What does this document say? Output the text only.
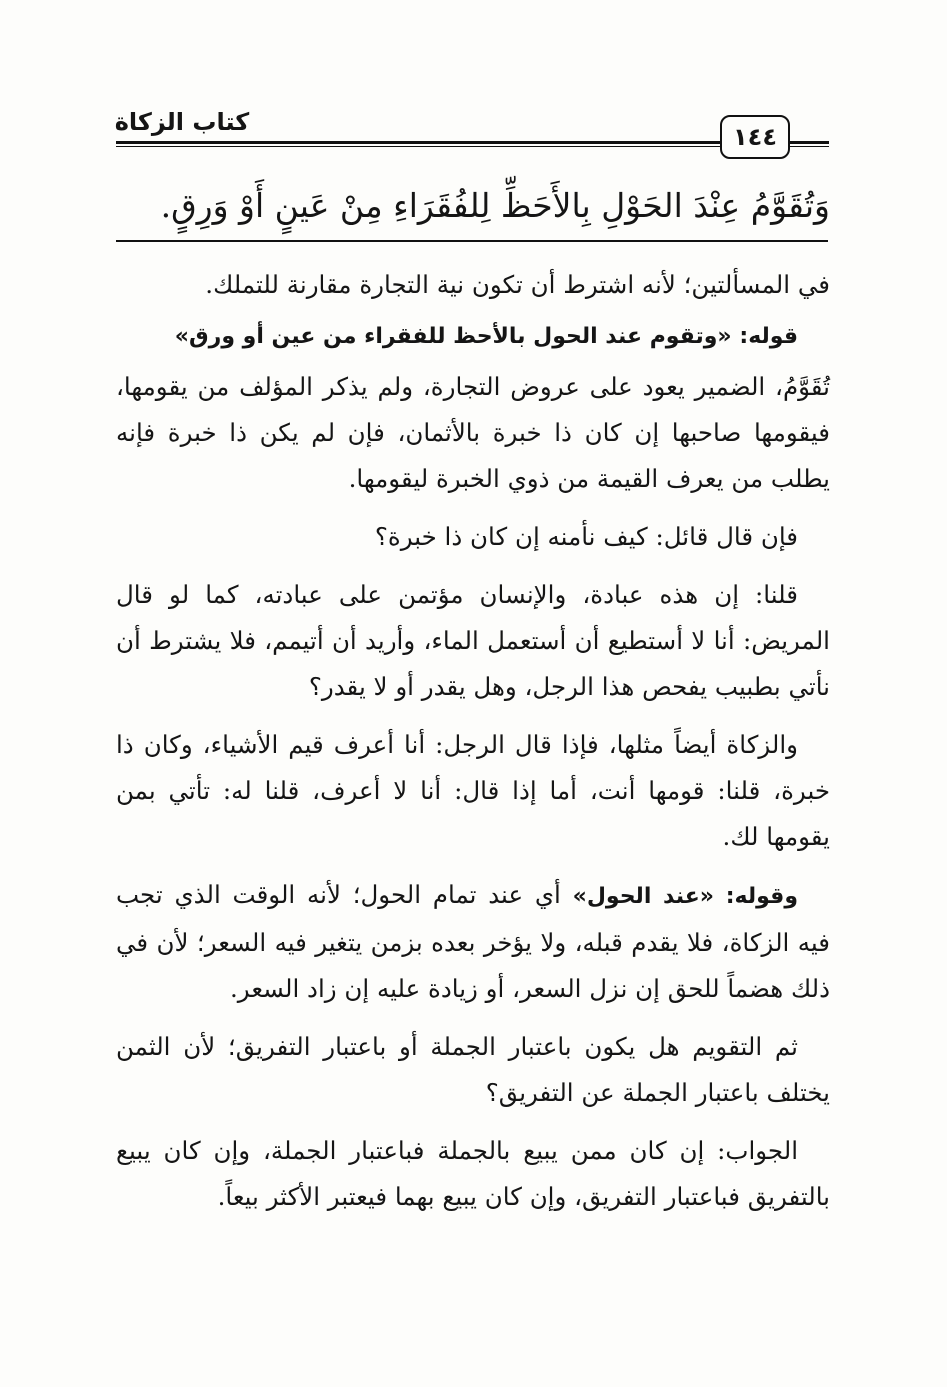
كتاب الزكاة
١٤٤
وَتُقَوَّمُ عِنْدَ الحَوْلِ بِالأَحَظِّ لِلفُقَرَاءِ مِنْ عَينٍ أَوْ وَرِقٍ.

في المسألتين؛ لأنه اشترط أن تكون نية التجارة مقارنة للتملك.

قوله: «وتقوم عند الحول بالأحظ للفقراء من عين أو ورق»

تُقَوَّمُ، الضمير يعود على عروض التجارة، ولم يذكر المؤلف من يقومها، فيقومها صاحبها إن كان ذا خبرة بالأثمان، فإن لم يكن ذا خبرة فإنه يطلب من يعرف القيمة من ذوي الخبرة ليقومها.

فإن قال قائل: كيف نأمنه إن كان ذا خبرة؟

قلنا: إن هذه عبادة، والإنسان مؤتمن على عبادته، كما لو قال المريض: أنا لا أستطيع أن أستعمل الماء، وأريد أن أتيمم، فلا يشترط أن نأتي بطبيب يفحص هذا الرجل، وهل يقدر أو لا يقدر؟

والزكاة أيضاً مثلها، فإذا قال الرجل: أنا أعرف قيم الأشياء، وكان ذا خبرة، قلنا: قومها أنت، أما إذا قال: أنا لا أعرف، قلنا له: تأتي بمن يقومها لك.

وقوله: «عند الحول» أي عند تمام الحول؛ لأنه الوقت الذي تجب فيه الزكاة، فلا يقدم قبله، ولا يؤخر بعده بزمن يتغير فيه السعر؛ لأن في ذلك هضماً للحق إن نزل السعر، أو زيادة عليه إن زاد السعر.

ثم التقويم هل يكون باعتبار الجملة أو باعتبار التفريق؛ لأن الثمن يختلف باعتبار الجملة عن التفريق؟

الجواب: إن كان ممن يبيع بالجملة فباعتبار الجملة، وإن كان يبيع بالتفريق فباعتبار التفريق، وإن كان يبيع بهما فيعتبر الأكثر بيعاً.
